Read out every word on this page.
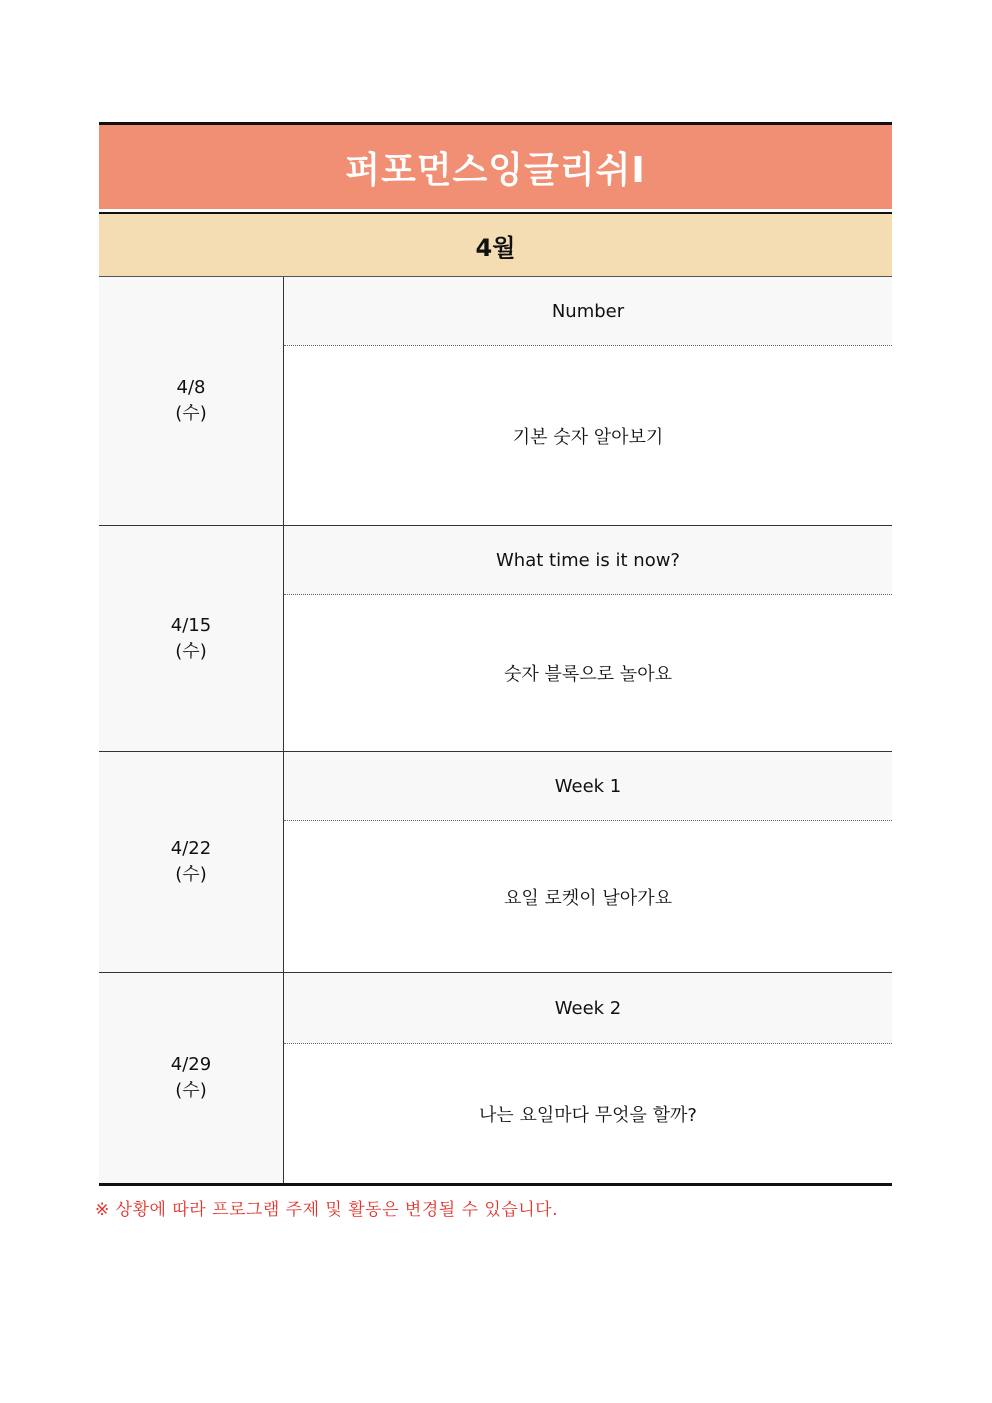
퍼포먼스잉글리쉬Ⅰ
4월
4/8
(수)
Number
기본 숫자 알아보기
4/15
(수)
What time is it now?
숫자 블록으로 놀아요
4/22
(수)
Week 1
요일 로켓이 날아가요
4/29
(수)
Week 2
나는 요일마다 무엇을 할까?
※ 상황에 따라 프로그램 주제 및 활동은 변경될 수 있습니다.
